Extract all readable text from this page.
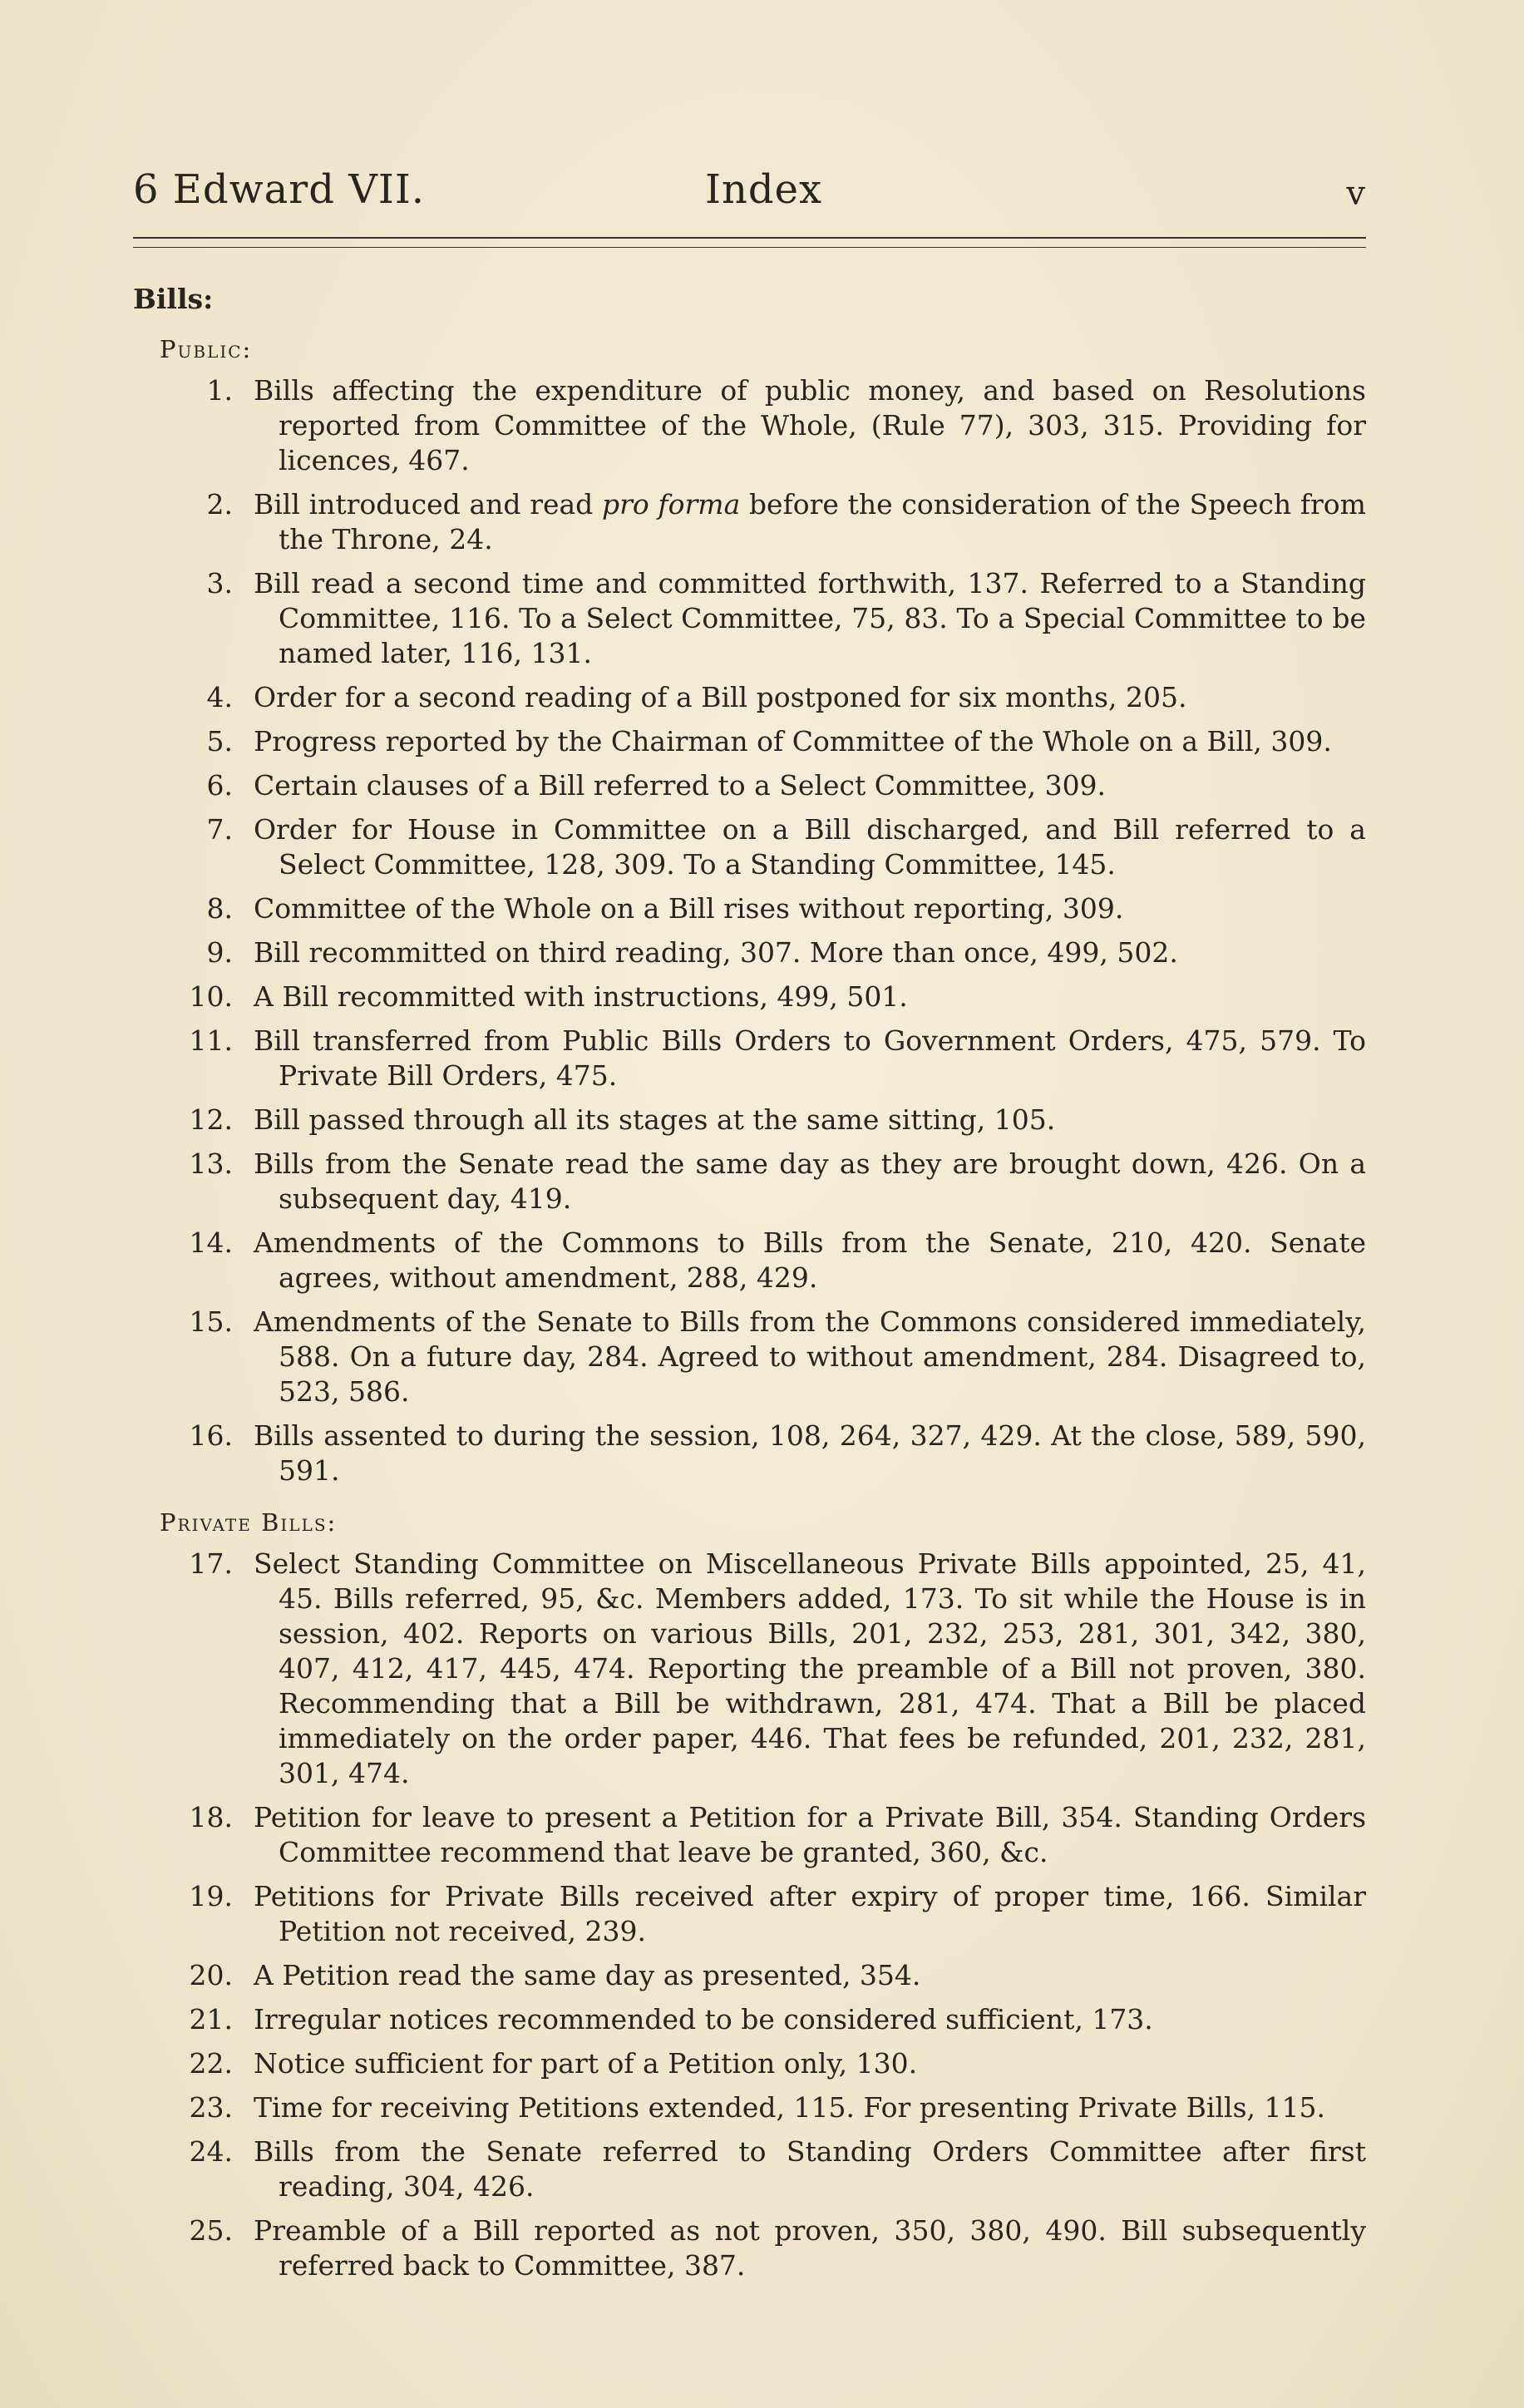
6 Edward VII.	Index	v
Bills:
Public:
1. Bills affecting the expenditure of public money, and based on Resolutions reported from Committee of the Whole, (Rule 77), 303, 315. Providing for licences, 467.
2. Bill introduced and read pro forma before the consideration of the Speech from the Throne, 24.
3. Bill read a second time and committed forthwith, 137. Referred to a Standing Committee, 116. To a Select Committee, 75, 83. To a Special Committee to be named later, 116, 131.
4. Order for a second reading of a Bill postponed for six months, 205.
5. Progress reported by the Chairman of Committee of the Whole on a Bill, 309.
6. Certain clauses of a Bill referred to a Select Committee, 309.
7. Order for House in Committee on a Bill discharged, and Bill referred to a Select Committee, 128, 309. To a Standing Committee, 145.
8. Committee of the Whole on a Bill rises without reporting, 309.
9. Bill recommitted on third reading, 307. More than once, 499, 502.
10. A Bill recommitted with instructions, 499, 501.
11. Bill transferred from Public Bills Orders to Government Orders, 475, 579. To Private Bill Orders, 475.
12. Bill passed through all its stages at the same sitting, 105.
13. Bills from the Senate read the same day as they are brought down, 426. On a subsequent day, 419.
14. Amendments of the Commons to Bills from the Senate, 210, 420. Senate agrees, without amendment, 288, 429.
15. Amendments of the Senate to Bills from the Commons considered immediately, 588. On a future day, 284. Agreed to without amendment, 284. Disagreed to, 523, 586.
16. Bills assented to during the session, 108, 264, 327, 429. At the close, 589, 590, 591.
Private Bills:
17. Select Standing Committee on Miscellaneous Private Bills appointed, 25, 41, 45. Bills referred, 95, &c. Members added, 173. To sit while the House is in session, 402. Reports on various Bills, 201, 232, 253, 281, 301, 342, 380, 407, 412, 417, 445, 474. Reporting the preamble of a Bill not proven, 380. Recommending that a Bill be withdrawn, 281, 474. That a Bill be placed immediately on the order paper, 446. That fees be refunded, 201, 232, 281, 301, 474.
18. Petition for leave to present a Petition for a Private Bill, 354. Standing Orders Committee recommend that leave be granted, 360, &c.
19. Petitions for Private Bills received after expiry of proper time, 166. Similar Petition not received, 239.
20. A Petition read the same day as presented, 354.
21. Irregular notices recommended to be considered sufficient, 173.
22. Notice sufficient for part of a Petition only, 130.
23. Time for receiving Petitions extended, 115. For presenting Private Bills, 115.
24. Bills from the Senate referred to Standing Orders Committee after first reading, 304, 426.
25. Preamble of a Bill reported as not proven, 350, 380, 490. Bill subsequently referred back to Committee, 387.
